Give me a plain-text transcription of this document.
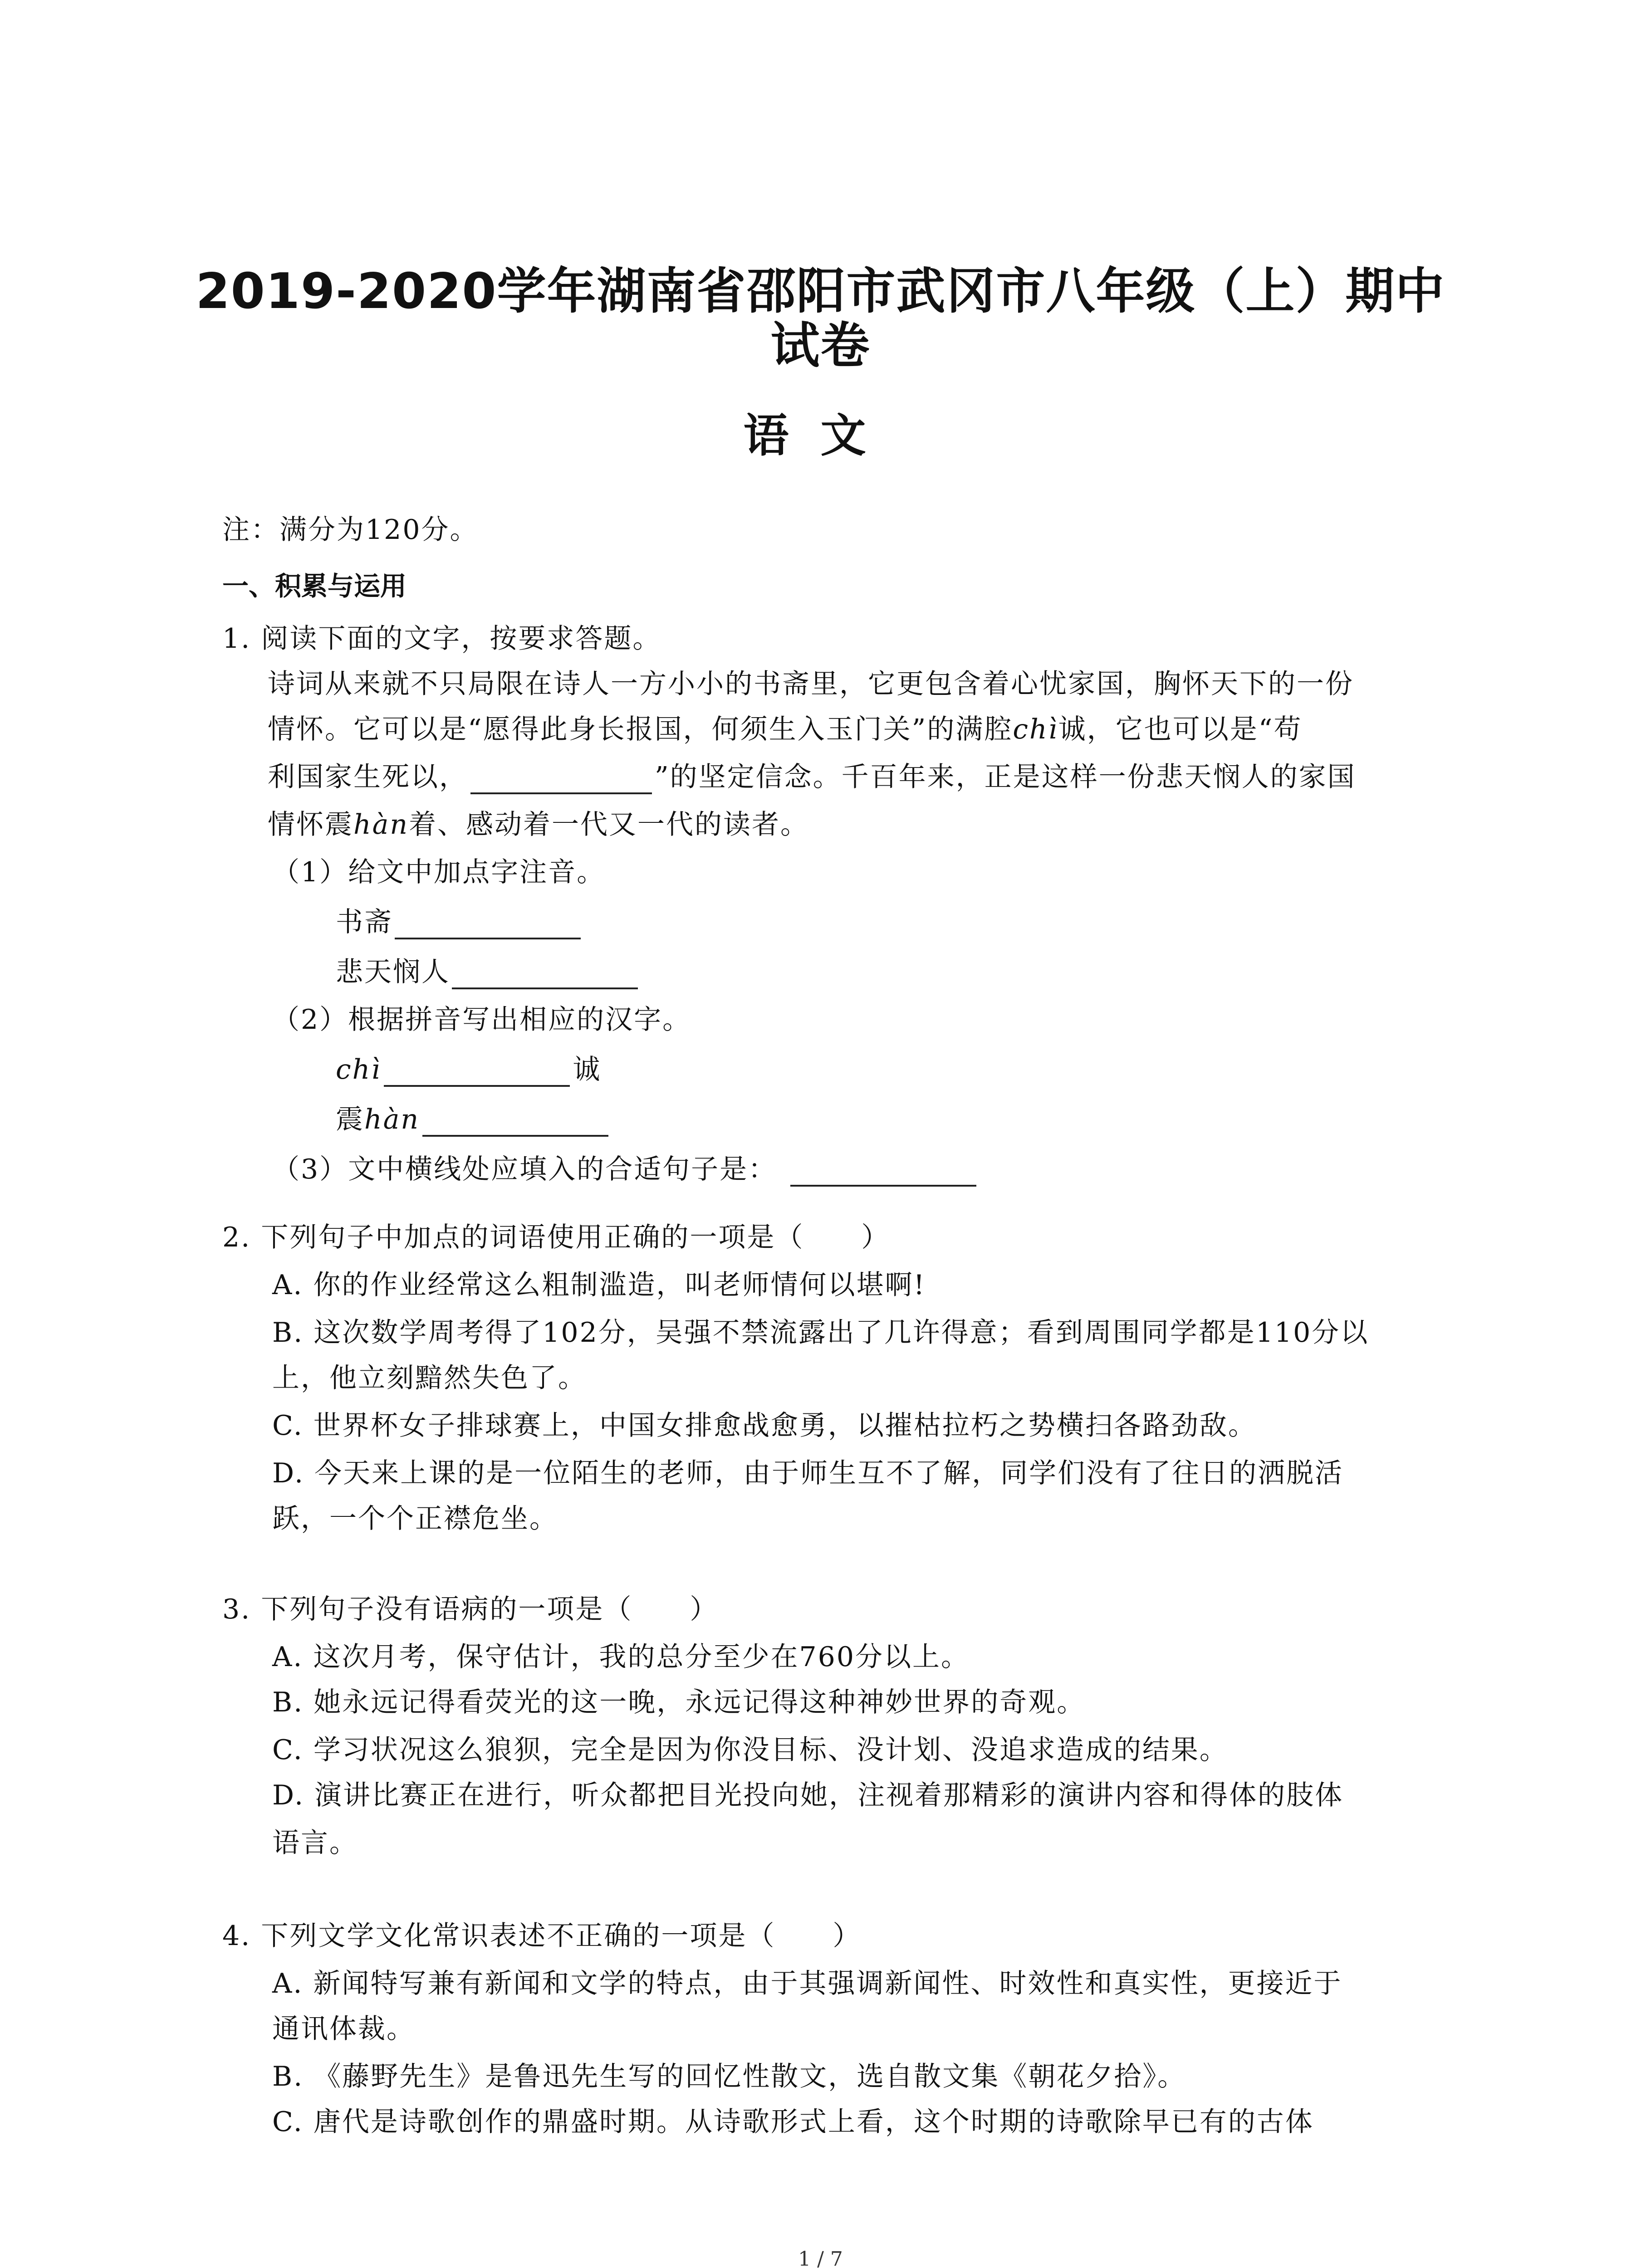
2019-2020学年湖南省邵阳市武冈市八年级（上）期中
试卷
语文
注：满分为120分。
一、积累与运用
1. 阅读下面的文字，按要求答题。
诗词从来就不只局限在诗人一方小小的书斋里，它更包含着心忧家国，胸怀天下的一份
情怀。它可以是“愿得此身长报国，何须生入玉门关”的满腔chì诚，它也可以是“苟
利国家生死以，	”的坚定信念。千百年来，正是这样一份悲天悯人的家国
情怀震hàn着、感动着一代又一代的读者。
（1）给文中加点字注音。
书斋
悲天悯人
（2）根据拼音写出相应的汉字。
chì	诚
震hàn
（3）文中横线处应填入的合适句子是：
2. 下列句子中加点的词语使用正确的一项是（　　）
A. 你的作业经常这么粗制滥造，叫老师情何以堪啊!
B. 这次数学周考得了102分，吴强不禁流露出了几许得意；看到周围同学都是110分以
上，他立刻黯然失色了。
C. 世界杯女子排球赛上，中国女排愈战愈勇，以摧枯拉朽之势横扫各路劲敌。
D. 今天来上课的是一位陌生的老师，由于师生互不了解，同学们没有了往日的洒脱活
跃，一个个正襟危坐。
3. 下列句子没有语病的一项是（　　）
A. 这次月考，保守估计，我的总分至少在760分以上。
B. 她永远记得看荧光的这一晚，永远记得这种神妙世界的奇观。
C. 学习状况这么狼狈，完全是因为你没目标、没计划、没追求造成的结果。
D. 演讲比赛正在进行，听众都把目光投向她，注视着那精彩的演讲内容和得体的肢体
语言。
4. 下列文学文化常识表述不正确的一项是（　　）
A. 新闻特写兼有新闻和文学的特点，由于其强调新闻性、时效性和真实性，更接近于
通讯体裁。
B. 《藤野先生》是鲁迅先生写的回忆性散文，选自散文集《朝花夕拾》。
C. 唐代是诗歌创作的鼎盛时期。从诗歌形式上看，这个时期的诗歌除早已有的古体
1 / 7
